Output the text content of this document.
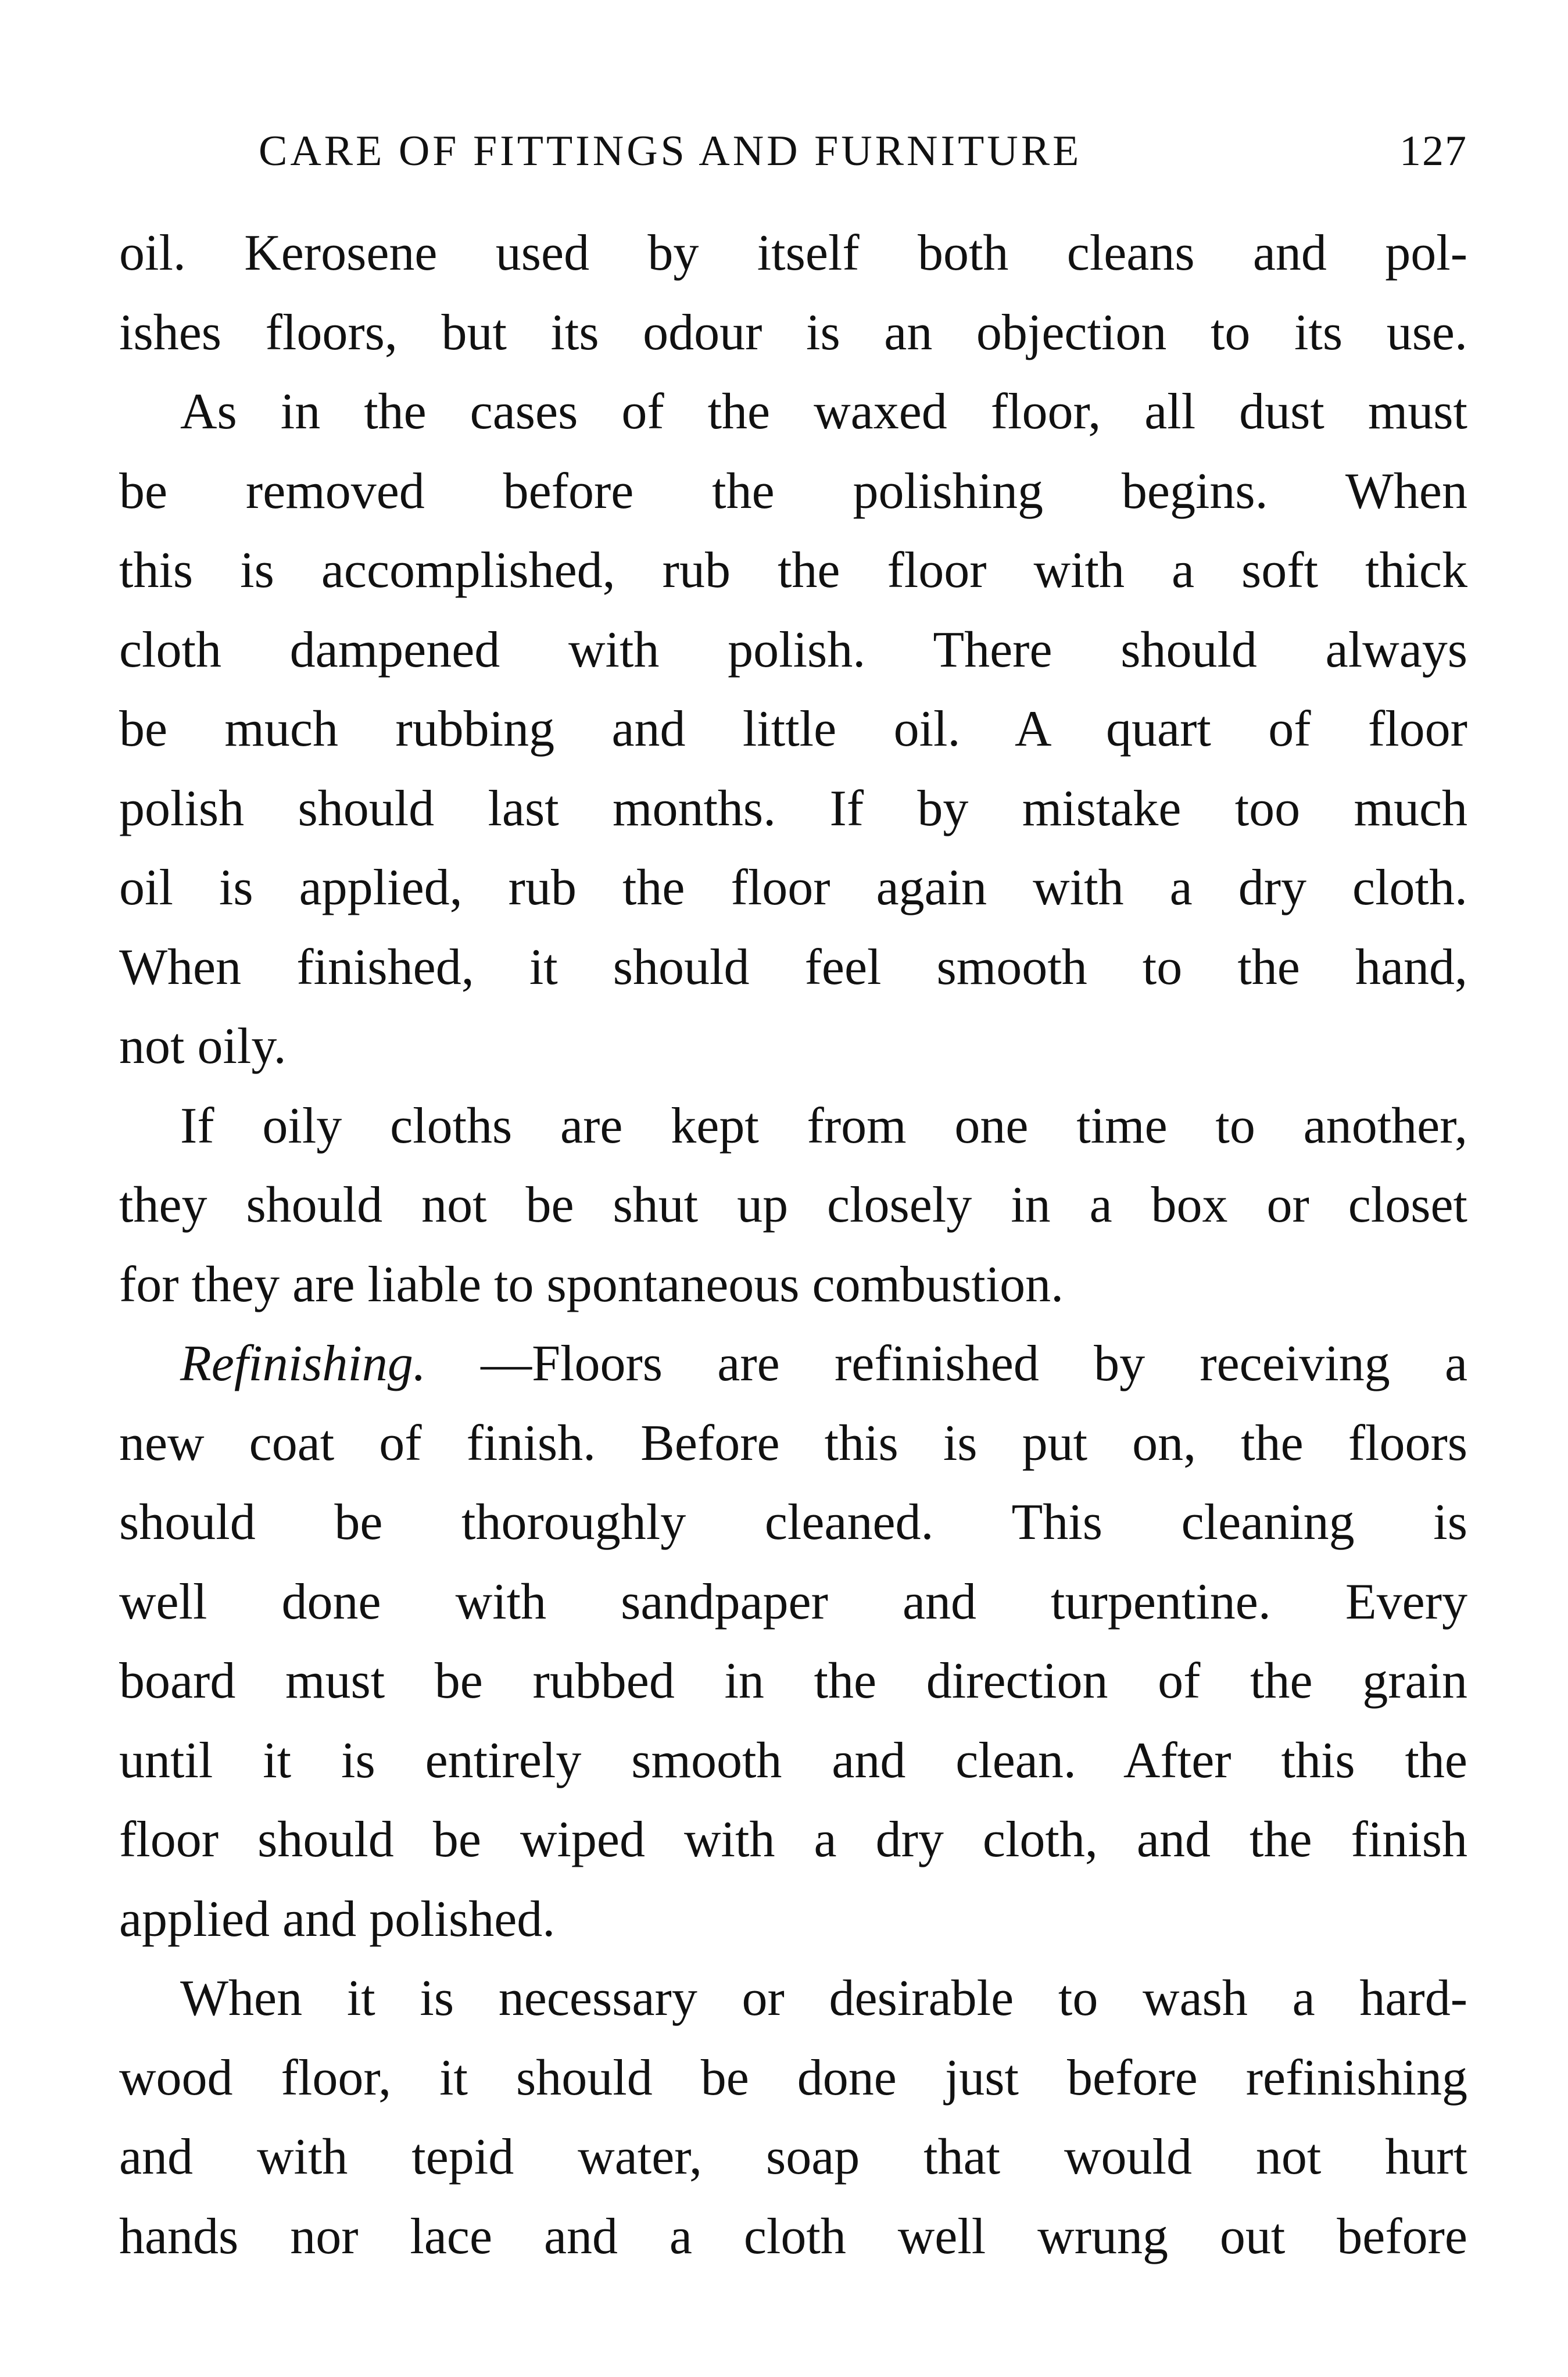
CARE OF FITTINGS AND FURNITURE	127
oil. Kerosene used by itself both cleans and pol-
ishes floors, but its odour is an objection to its use.
As in the cases of the waxed floor, all dust must
be removed before the polishing begins. When
this is accomplished, rub the floor with a soft thick
cloth dampened with polish. There should always
be much rubbing and little oil. A quart of floor
polish should last months. If by mistake too much
oil is applied, rub the floor again with a dry cloth.
When finished, it should feel smooth to the hand,
not oily.
If oily cloths are kept from one time to another,
they should not be shut up closely in a box or closet
for they are liable to spontaneous combustion.
Refinishing. —Floors are refinished by receiving a
new coat of finish. Before this is put on, the floors
should be thoroughly cleaned. This cleaning is
well done with sandpaper and turpentine. Every
board must be rubbed in the direction of the grain
until it is entirely smooth and clean. After this the
floor should be wiped with a dry cloth, and the finish
applied and polished.
When it is necessary or desirable to wash a hard-
wood floor, it should be done just before refinishing
and with tepid water, soap that would not hurt
hands nor lace and a cloth well wrung out before
